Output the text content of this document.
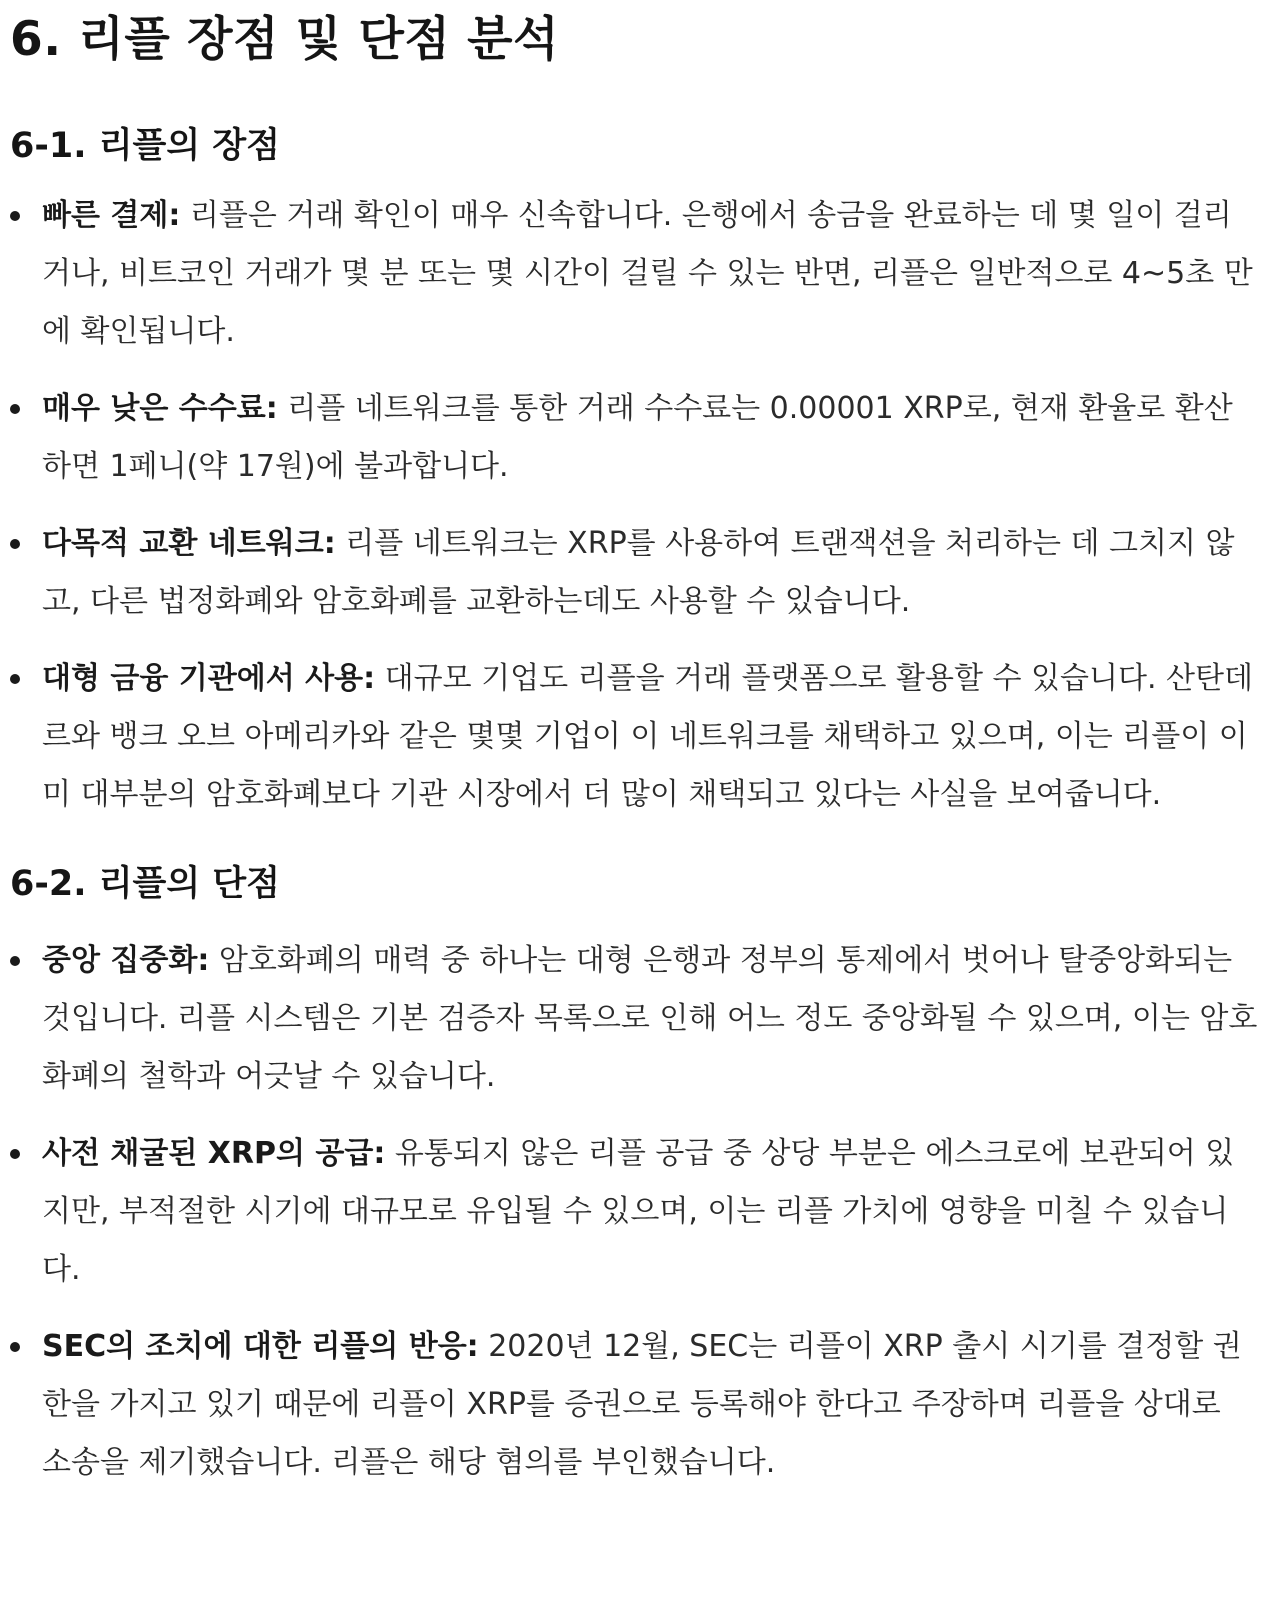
6. 리플 장점 및 단점 분석
6-1. 리플의 장점
빠른 결제: 리플은 거래 확인이 매우 신속합니다. 은행에서 송금을 완료하는 데 몇 일이 걸리거나, 비트코인 거래가 몇 분 또는 몇 시간이 걸릴 수 있는 반면, 리플은 일반적으로 4~5초 만에 확인됩니다.
매우 낮은 수수료: 리플 네트워크를 통한 거래 수수료는 0.00001 XRP로, 현재 환율로 환산하면 1페니(약 17원)에 불과합니다.
다목적 교환 네트워크: 리플 네트워크는 XRP를 사용하여 트랜잭션을 처리하는 데 그치지 않고, 다른 법정화폐와 암호화폐를 교환하는데도 사용할 수 있습니다.
대형 금융 기관에서 사용: 대규모 기업도 리플을 거래 플랫폼으로 활용할 수 있습니다. 산탄데르와 뱅크 오브 아메리카와 같은 몇몇 기업이 이 네트워크를 채택하고 있으며, 이는 리플이 이미 대부분의 암호화폐보다 기관 시장에서 더 많이 채택되고 있다는 사실을 보여줍니다.
6-2. 리플의 단점
중앙 집중화: 암호화폐의 매력 중 하나는 대형 은행과 정부의 통제에서 벗어나 탈중앙화되는 것입니다. 리플 시스템은 기본 검증자 목록으로 인해 어느 정도 중앙화될 수 있으며, 이는 암호화폐의 철학과 어긋날 수 있습니다.
사전 채굴된 XRP의 공급: 유통되지 않은 리플 공급 중 상당 부분은 에스크로에 보관되어 있지만, 부적절한 시기에 대규모로 유입될 수 있으며, 이는 리플 가치에 영향을 미칠 수 있습니다.
SEC의 조치에 대한 리플의 반응: 2020년 12월, SEC는 리플이 XRP 출시 시기를 결정할 권한을 가지고 있기 때문에 리플이 XRP를 증권으로 등록해야 한다고 주장하며 리플을 상대로 소송을 제기했습니다. 리플은 해당 혐의를 부인했습니다.
